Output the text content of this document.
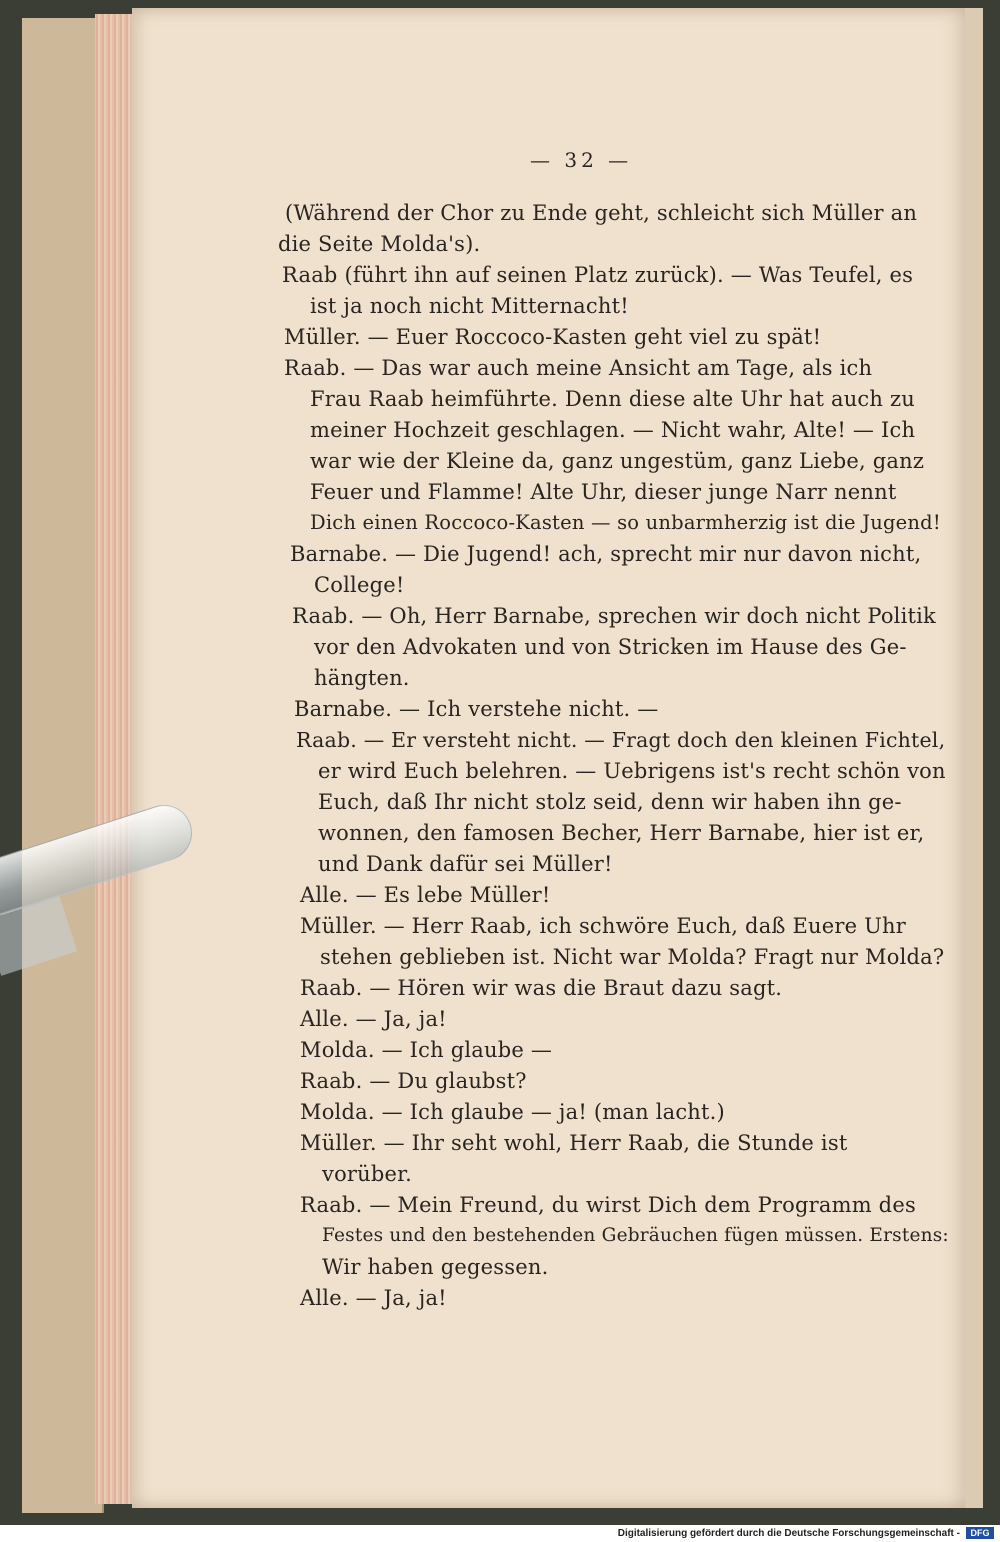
— 32 —
(Während der Chor zu Ende geht, schleicht sich Müller an
die Seite Molda's).
Raab (führt ihn auf seinen Platz zurück). — Was Teufel, es
ist ja noch nicht Mitternacht!
Müller. — Euer Roccoco-Kasten geht viel zu spät!
Raab. — Das war auch meine Ansicht am Tage, als ich
Frau Raab heimführte. Denn diese alte Uhr hat auch zu
meiner Hochzeit geschlagen. — Nicht wahr, Alte! — Ich
war wie der Kleine da, ganz ungestüm, ganz Liebe, ganz
Feuer und Flamme! Alte Uhr, dieser junge Narr nennt
Dich einen Roccoco-Kasten — so unbarmherzig ist die Jugend!
Barnabe. — Die Jugend! ach, sprecht mir nur davon nicht,
College!
Raab. — Oh, Herr Barnabe, sprechen wir doch nicht Politik
vor den Advokaten und von Stricken im Hause des Ge-
hängten.
Barnabe. — Ich verstehe nicht. —
Raab. — Er versteht nicht. — Fragt doch den kleinen Fichtel,
er wird Euch belehren. — Uebrigens ist's recht schön von
Euch, daß Ihr nicht stolz seid, denn wir haben ihn ge-
wonnen, den famosen Becher, Herr Barnabe, hier ist er,
und Dank dafür sei Müller!
Alle. — Es lebe Müller!
Müller. — Herr Raab, ich schwöre Euch, daß Euere Uhr
stehen geblieben ist. Nicht war Molda? Fragt nur Molda?
Raab. — Hören wir was die Braut dazu sagt.
Alle. — Ja, ja!
Molda. — Ich glaube —
Raab. — Du glaubst?
Molda. — Ich glaube — ja! (man lacht.)
Müller. — Ihr seht wohl, Herr Raab, die Stunde ist
vorüber.
Raab. — Mein Freund, du wirst Dich dem Programm des
Festes und den bestehenden Gebräuchen fügen müssen. Erstens:
Wir haben gegessen.
Alle. — Ja, ja!
Digitalisierung gefördert durch die Deutsche Forschungsgemeinschaft -	DFG
